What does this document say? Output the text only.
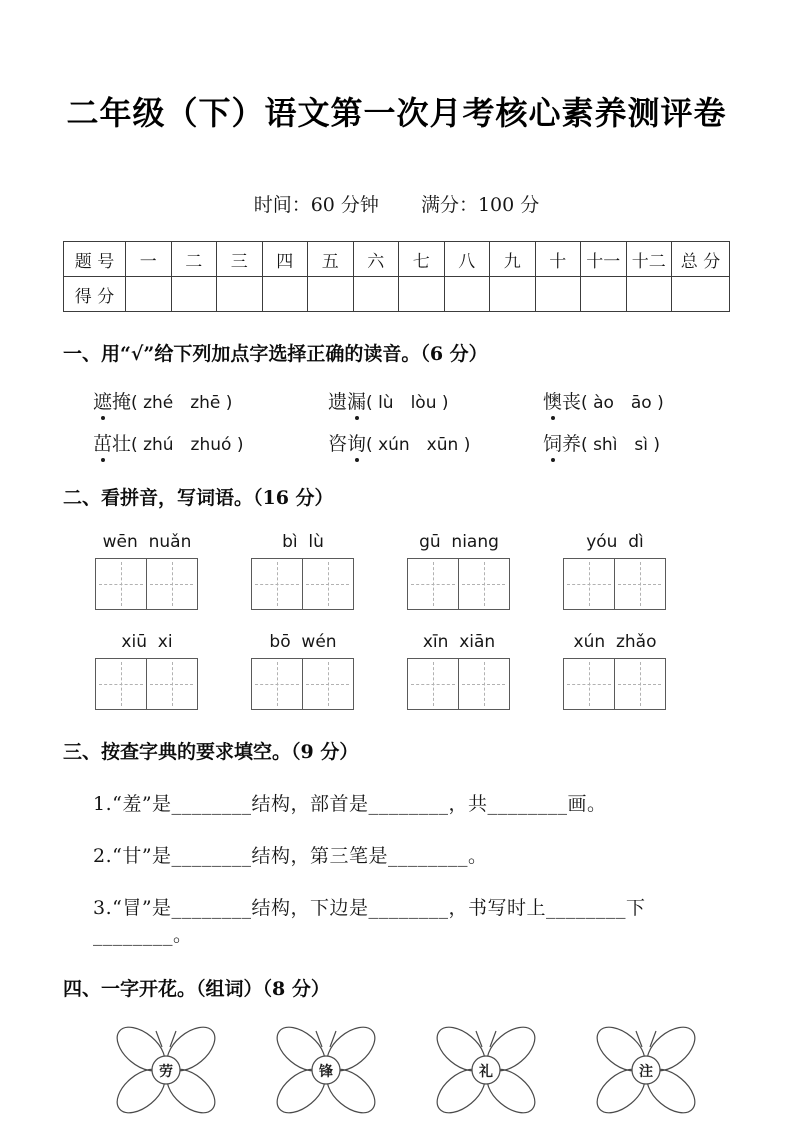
二年级（下）语文第一次月考核心素养测评卷
时间：60 分钟 满分：100 分
题 号	一	二	三	四	五	六	七	八	九	十	十一	十二	总 分
得 分													
一、用“√”给下列加点字选择正确的读音。（6 分）
遮掩 ( zhé　zhē )	遗漏 ( lù　lòu )	懊丧 ( ào　āo )
茁壮 ( zhú　zhuó )	咨询 ( xún　xūn )	饲养 ( shì　sì )
二、看拼音，写词语。（16 分）
wēn  nuǎn	bì  lù	gū  niang	yóu  dì
xiū  xi	bō  wén	xīn  xiān	xún  zhǎo
三、按查字典的要求填空。（9 分）
1.“羞”是________结构，部首是________，共________画。
2.“甘”是________结构，第三笔是________。
3.“冒”是________结构，下边是________，书写时上________下________。
四、一字开花。（组词）（8 分）
劳	锋	礼	注
